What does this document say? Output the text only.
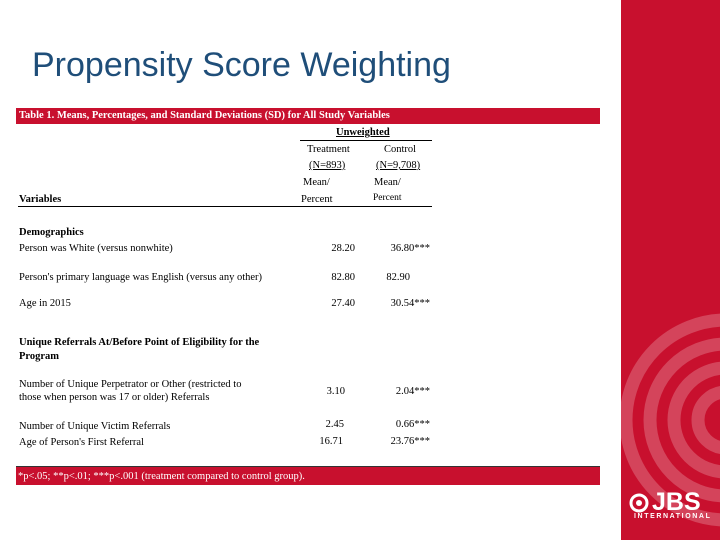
JBS
INTERNATIONAL
Propensity Score Weighting
Table 1. Means, Percentages, and Standard Deviations (SD) for All Study Variables
Unweighted
Treatment	Control
(N=893)	(N=9,708)
Mean/	Mean/
Variables	Percent	Percent
Demographics
Person was White (versus nonwhite)	28.20	36.80***
Person's primary language was English (versus any other)	82.80	82.90
Age in 2015	27.40	30.54***
Unique Referrals At/Before Point of Eligibility for the
Program
Number of Unique Perpetrator or Other (restricted to
those when person was 17 or older) Referrals
3.10	2.04***
Number of Unique Victim Referrals	2.45	0.66***
Age of Person's First Referral	16.71	23.76***
*p<.05; **p<.01; ***p<.001 (treatment compared to control group).
